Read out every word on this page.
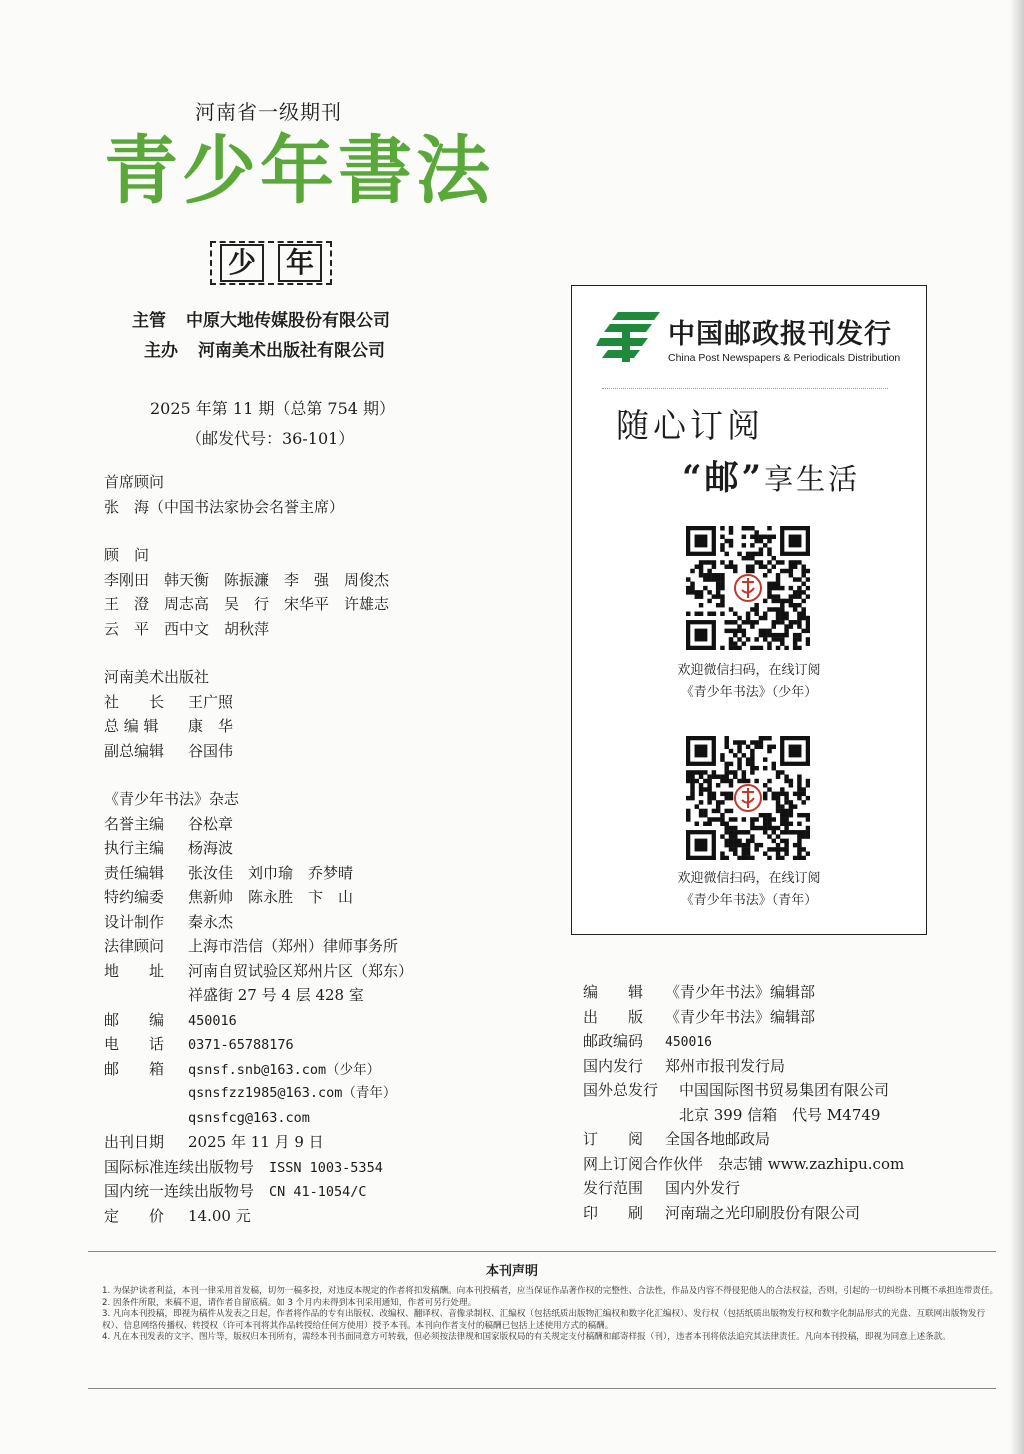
河南省一级期刊
青少年書法
少 年
主管 中原大地传媒股份有限公司
主办 河南美术出版社有限公司
2025 年第 11 期（总第 754 期）
（邮发代号：36-101）
首席顾问
张　海（中国书法家协会名誉主席）
顾　问
李刚田　韩天衡　陈振濂　李　强　周俊杰
王　澄　周志高　吴　行　宋华平　许雄志
云　平　西中文　胡秋萍
河南美术出版社
社　　长 王广照
总 编 辑 康　华
副总编辑 谷国伟
《青少年书法》杂志
名誉主编 谷松章
执行主编 杨海波
责任编辑 张汝佳　刘巾瑜　乔梦晴
特约编委 焦新帅　陈永胜　卞　山
设计制作 秦永杰
法律顾问 上海市浩信（郑州）律师事务所
地　　址 河南自贸试验区郑州片区（郑东）
祥盛街 27 号 4 层 428 室
邮　　编 450016
电　　话 0371-65788176
邮　　箱 qsnsf.snb@163.com（少年）
qsnsfzz1985@163.com（青年）
qsnsfcg@163.com
出刊日期 2025 年 11 月 9 日
国际标准连续出版物号　 ISSN 1003-5354
国内统一连续出版物号　 CN 41-1054/C
定　　价 14.00 元
中国邮政报刊发行
China Post Newspapers & Periodicals Distribution
随心订阅
“邮”享生活
欢迎微信扫码，在线订阅
《青少年书法》（少年）
欢迎微信扫码，在线订阅
《青少年书法》（青年）
编　　辑 《青少年书法》编辑部
出　　版 《青少年书法》编辑部
邮政编码 450016
国内发行 郑州市报刊发行局
国外总发行 中国国际图书贸易集团有限公司
北京 399 信箱　代号 M4749
订　　阅 全国各地邮政局
网上订阅合作伙伴　 杂志铺 www.zazhipu.com
发行范围 国内外发行
印　　刷 河南瑞之光印刷股份有限公司
本刊声明

1. 为保护读者利益，本刊一律采用首发稿，切勿一稿多投，对违反本规定的作者将扣发稿酬。向本刊投稿者，应当保证作品著作权的完整性、合法性，作品及内容不得侵犯他人的合法权益，否则，引起的一切纠纷本刊概不承担连带责任。

2. 因条件所限，来稿不退，请作者自留底稿。如 3 个月内未得到本刊采用通知，作者可另行处理。

3. 凡向本刊投稿，即视为稿件从发表之日起，作者将作品的专有出版权、改编权、翻译权、音像录制权、汇编权（包括纸质出版物汇编权和数字化汇编权）、发行权（包括纸质出版物发行权和数字化制品形式的光盘、互联网出版物发行权）、信息网络传播权、转授权（许可本刊将其作品转授给任何方使用）授予本刊。本刊向作者支付的稿酬已包括上述使用方式的稿酬。

4. 凡在本刊发表的文字、图片等，版权归本刊所有，需经本刊书面同意方可转载，但必须按法律规和国家版权局的有关规定支付稿酬和邮寄样报（刊），违者本刊将依法追究其法律责任。凡向本刊投稿，即视为同意上述条款。
